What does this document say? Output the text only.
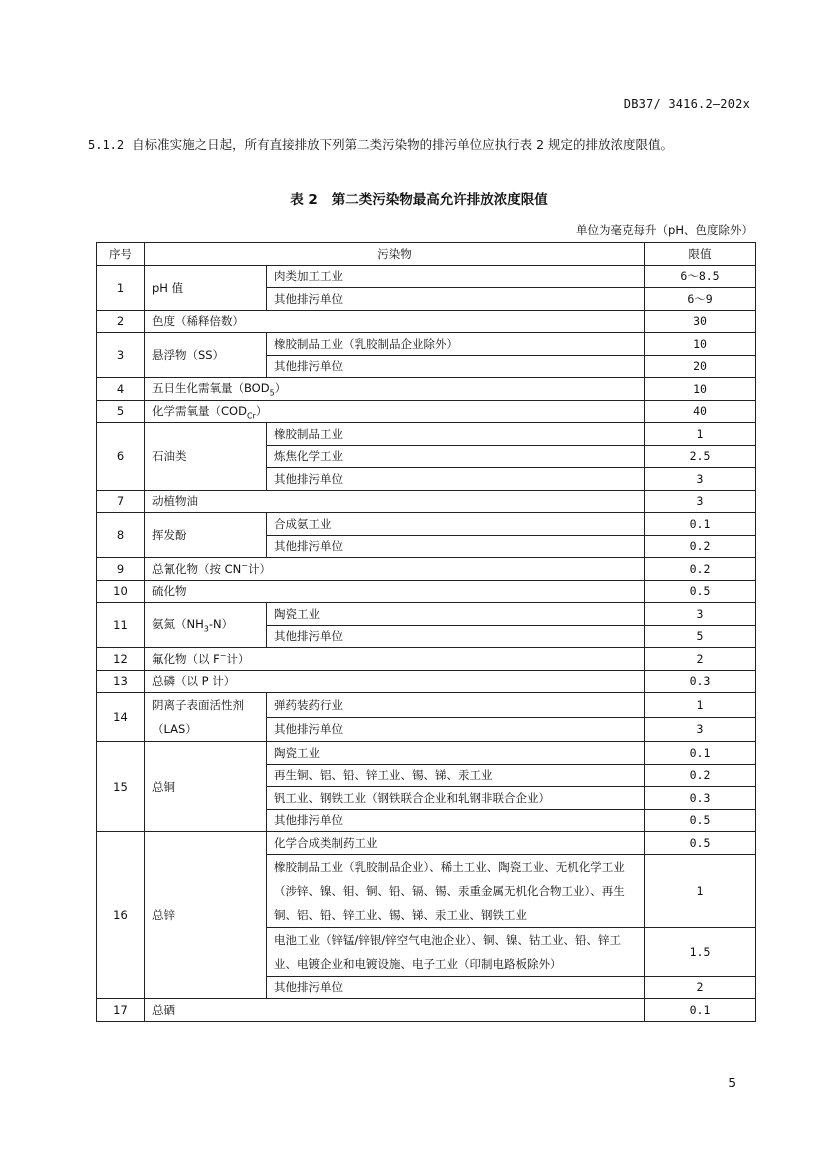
DB37/ 3416.2—202x
5.1.2 自标准实施之日起，所有直接排放下列第二类污染物的排污单位应执行表 2 规定的排放浓度限值。
表 2 第二类污染物最高允许排放浓度限值
单位为毫克每升（pH、色度除外）
序号	污染物		限值
1	pH 值	肉类加工工业	6～8.5
		其他排污单位	6～9
2	色度（稀释倍数）		30
3	悬浮物（SS）	橡胶制品工业（乳胶制品企业除外）	10
		其他排污单位	20
4	五日生化需氧量$(BOD_5)$		10
5	化学需氧量$(COD_{Cr})$		40
6	石油类	橡胶制品工业	1
		炼焦化学工业	2.5
		其他排污单位	3
7	动植物油		3
8	挥发酚	合成氨工业	0.1
		其他排污单位	0.2
9	总氰化物（按 CN−计）		0.2
10	硫化物		0.5
11	氨氮$(NH_3-N)$	陶瓷工业	3
		其他排污单位	5
12	氟化物（以 F−计）		2
13	总磷（以 P 计）		0.3
14	阴离子表面活性剂（LAS）	弹药装药行业	1
		其他排污单位	3
15	总铜	陶瓷工业	0.1
		再生铜、铝、铅、锌工业、锡、锑、汞工业	0.2
		钒工业、钢铁工业（钢铁联合企业和轧钢非联合企业）	0.3
		其他排污单位	0.5
16	总锌	化学合成类制药工业	0.5
		橡胶制品工业（乳胶制品企业）、稀土工业、陶瓷工业、无机化学工业（涉锌、镍、钼、铜、铅、镉、锡、汞重金属无机化合物工业）、再生铜、铝、铅、锌工业、锡、锑、汞工业、钢铁工业	1
		电池工业（锌锰/锌银/锌空气电池企业）、铜、镍、钴工业、铅、锌工业、电镀企业和电镀设施、电子工业（印制电路板除外）	1.5
		其他排污单位	2
17	总硒		0.1
5
